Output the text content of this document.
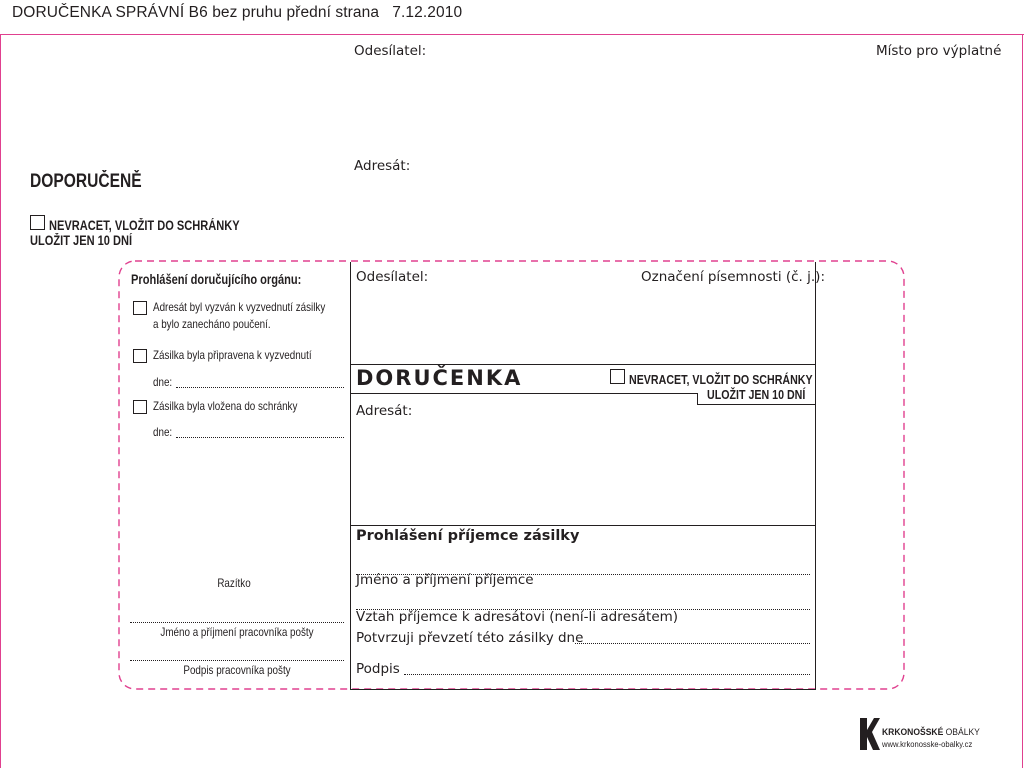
DORUČENKA SPRÁVNÍ B6 bez pruhu přední strana   7.12.2010
Odesílatel:	Místo pro výplatné
Adresát:
DOPORUČENĚ
NEVRACET, VLOŽIT DO SCHRÁNKY
ULOŽIT JEN 10 DNÍ
Prohlášení doručujícího orgánu:
Adresát byl vyzván k vyzvednutí zásilky
a bylo zanecháno poučení.
Zásilka byla připravena k vyzvednutí
dne:
Zásilka byla vložena do schránky
dne:
Razítko
Jméno a příjmení pracovníka pošty
Podpis pracovníka pošty
Odesílatel:	Označení písemnosti (č. j.):
DORUČENKA	NEVRACET, VLOŽIT DO SCHRÁNKY
ULOŽIT JEN 10 DNÍ
Adresát:
Prohlášení příjemce zásilky
Jméno a příjmení příjemce
Vztah příjemce k adresátovi (není-li adresátem)
Potvrzuji převzetí této zásilky dne
Podpis
KRKONOŠSKÉ OBÁLKY
www.krkonosske-obalky.cz
